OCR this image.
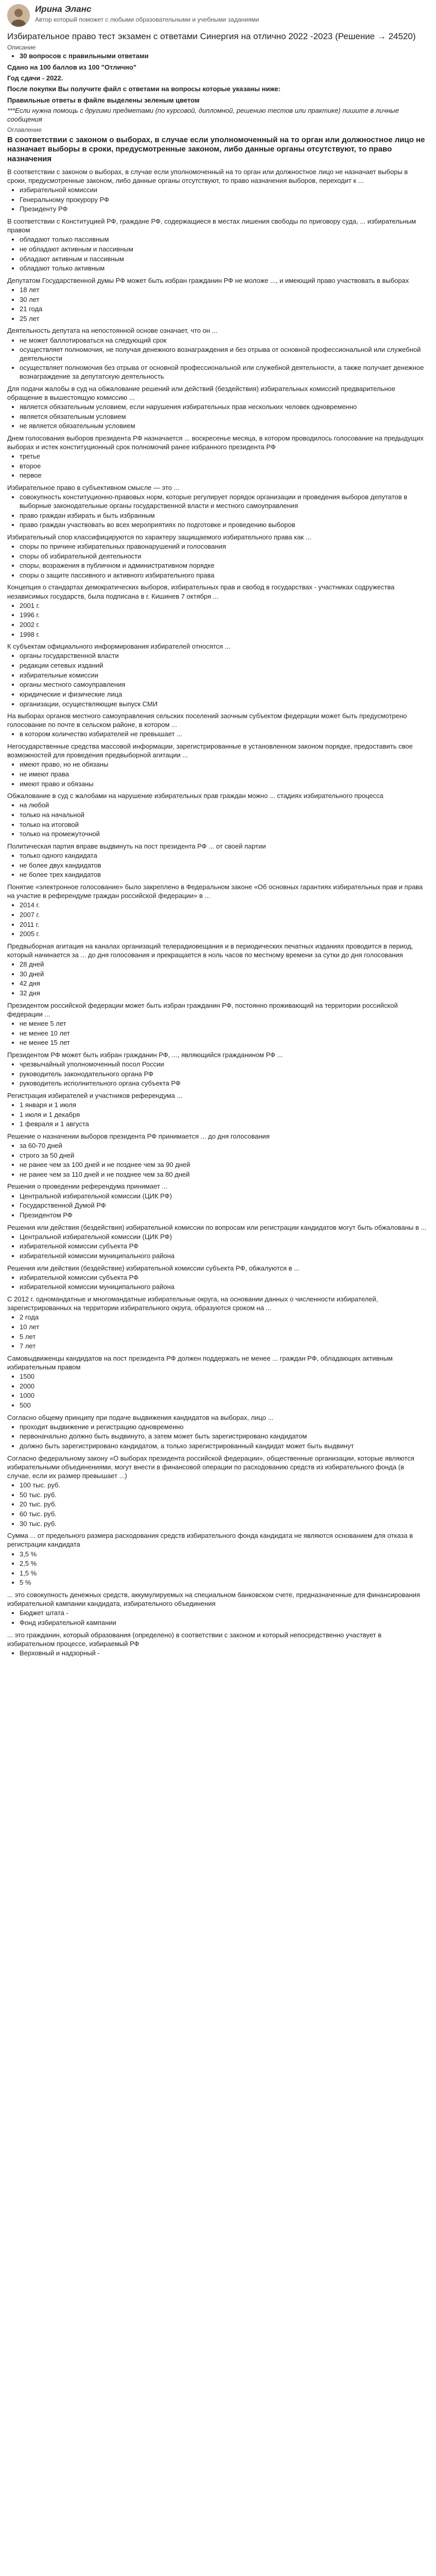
Ирина Эланс
Автор который поможет с любыми образовательными и учебными заданиями
Избирательное право тест экзамен с ответами Синергия на отлично 2022 -2023 (Решение → 24520)
Описание
• 30 вопросов с правильными ответами
Сдано на 100 баллов из 100 "Отлично"
Год сдачи - 2022.
После покупки Вы получите файл с ответами на вопросы которые указаны ниже:
Правильные ответы в файле выделены зеленым цветом
***Если нужна помощь с другими предметами (по курсовой, дипломной, решению тестов или практике) пишите в личные сообщения
Оглавление
В соответствии с законом о выборах, в случае если уполномоченный на то орган или должностное лицо не назначает выборы в сроки, предусмотренные законом, либо данные органы отсутствуют, то право назначения
В соответствии с законом о выборах, в случае если уполномоченный на то орган или должностное лицо не назначает выборы в сроки, предусмотренные законом, либо данные органы отсутствуют, то право назначения выборов, переходит к ...
• избирательной комиссии
• Генеральному прокурору РФ
• Президенту РФ
В соответствии с Конституцией РФ, граждане РФ, содержащиеся в местах лишения свободы по приговору суда, ... избирательным правом
• обладают только пассивным
• не обладают активным и пассивным
• обладают активным и пассивным
• обладают только активным
Депутатом Государственной думы РФ может быть избран гражданин РФ не моложе ..., и имеющий право участвовать в выборах
• 18 лет
• 30 лет
• 21 года
• 25 лет
Деятельность депутата на непостоянной основе означает, что он ...
• не может баллотироваться на следующий срок
• осуществляет полномочия, не получая денежного вознаграждения и без отрыва от основной профессиональной или служебной деятельности
• осуществляет полномочия без отрыва от основной профессиональной или служебной деятельности, а также получает денежное вознаграждение за депутатскую деятельность
Для подачи жалобы в суд на обжалование решений или действий (бездействия) избирательных комиссий предварительное обращение в вышестоящую комиссию ...
• является обязательным условием, если нарушения избирательных прав нескольких человек одновременно
• является обязательным условием
• не является обязательным условием
Днем голосования выборов президента РФ назначается ... воскресенье месяца, в котором проводилось голосование на предыдущих выборах и истек конституционный срок полномочий ранее избранного президента РФ
• третье
• второе
• первое
Избирательное право в субъективном смысле — это ...
• совокупность конституционно-правовых норм, которые регулирует порядок организации и проведения выборов депутатов в выборные законодательные органы государственной власти и местного самоуправления
• право граждан избирать и быть избранным
• право граждан участвовать во всех мероприятиях по подготовке и проведению выборов
Избирательный спор классифицируются по характеру защищаемого избирательного права как ...
• споры по причине избирательных правонарушений и голосования
• споры об избирательной деятельности
• споры, возражения в публичном и административном порядке
• споры о защите пассивного и активного избирательного права
Концепция о стандартах демократических выборов, избирательных прав и свобод в государствах - участниках содружества независимых государств, была подписана в г. Кишинев 7 октября ...
• 2001 г.
• 1996 г.
• 2002 г.
• 1998 г.
К субъектам официального информирования избирателей относятся ...
• органы государственной власти
• редакции сетевых изданий
• избирательные комиссии
• органы местного самоуправления
• юридические и физические лица
• организации, осуществляющие выпуск СМИ
На выборах органов местного самоуправления сельских поселений заочным субъектом федерации может быть предусмотрено голосование по почте в сельском районе, в котором ...
• в котором количество избирателей не превышает ...
Негосударственные средства массовой информации, зарегистрированные в установленном законом порядке, предоставить свое возможностей для проведения предвыборной агитации ...
• имеют право, но не обязаны
• не имеют права
• имеют право и обязаны
Обжалование в суд с жалобами на нарушение избирательных прав граждан можно ... стадиях избирательного процесса
• на любой
• только на начальной
• только на итоговой
• только на промежуточной
Политическая партия вправе выдвинуть на пост президента РФ ... от своей партии
• только одного кандидата
• не более двух кандидатов
• не более трех кандидатов
Понятие «электронное голосование» было закреплено в Федеральном законе «Об основных гарантиях избирательных прав и права на участие в референдуме граждан российской федерации» в ...
• 2014 г.
• 2007 г.
• 2011 г.
• 2005 г.
Предвыборная агитация на каналах организаций телерадиовещания и в периодических печатных изданиях проводится в период, который начинается за ... до дня голосования и прекращается в ноль часов по местному времени за сутки до дня голосования
• 28 дней
• 30 дней
• 42 дня
• 32 дня
Президентом российской федерации может быть избран гражданин РФ, постоянно проживающий на территории российской федерации ...
• не менее 5 лет
• не менее 10 лет
• не менее 15 лет
Президентом РФ может быть избран гражданин РФ, ..., являющийся гражданином РФ ...
• чрезвычайный уполномоченный посол России
• руководитель законодательного органа РФ
• руководитель исполнительного органа субъекта РФ
Регистрация избирателей и участников референдума ...
• 1 января и 1 июля
• 1 июля и 1 декабря
• 1 февраля и 1 августа
Решение о назначении выборов президента РФ принимается ... до дня голосования
• за 60-70 дней
• строго за 50 дней
• не ранее чем за 100 дней и не позднее чем за 90 дней
• не ранее чем за 110 дней и не позднее чем за 80 дней
Решения о проведении референдума принимает ...
• Центральной избирательной комиссии (ЦИК РФ)
• Государственной Думой РФ
• Президентом РФ
Решения или действия (бездействия) избирательной комиссии по вопросам или регистрации кандидатов могут быть обжалованы в ...
• Центральной избирательной комиссии (ЦИК РФ)
• избирательной комиссии субъекта РФ
• избирательной комиссии муниципального района
Решения или действия (бездействие) избирательной комиссии субъекта РФ, обжалуются в ...
• избирательной комиссии субъекта РФ
• избирательной комиссии муниципального района
С 2012 г. одномандатные и многомандатные избирательные округа, на основании данных о численности избирателей, зарегистрированных на территории избирательного округа, образуются сроком на ...
• 2 года
• 10 лет
• 5 лет
• 7 лет
Самовыдвиженцы кандидатов на пост президента РФ должен поддержать не менее ... граждан РФ, обладающих активным избирательным правом
• 1500
• 2000
• 1000
• 500
Согласно общему принципу при подаче выдвижения кандидатов на выборах, лицо ...
• проходит выдвижение и регистрацию одновременно
• первоначально должно быть выдвинуто, а затем может быть зарегистрировано кандидатом
• должно быть зарегистрировано кандидатом, а только зарегистрированный кандидат может быть выдвинут
Согласно федеральному закону «О выборах президента российской федерации», общественные организации, которые являются избирательными объединениями, могут внести в финансовой операции по расходованию средств из избирательного фонда (в случае, если их размер превышает ...)
• 100 тыс. руб.
• 50 тыс. руб.
• 20 тыс. руб.
• 60 тыс. руб.
• 30 тыс. руб.
Сумма ... от предельного размера расходования средств избирательного фонда кандидата не являются основанием для отказа в регистрации кандидата
• 3,5 %
• 2,5 %
• 1,5 %
• 5 %
... это совокупность денежных средств, аккумулируемых на специальном банковском счете, предназначенные для финансирования избирательной кампании кандидата, избирательного объединения
• Бюджет штата -
• Фонд избирательной кампании
... это гражданин, который образования (определено) в соответствии с законом и который непосредственно участвует в избирательном процессе, избираемый РФ
• Верховный и надзорный -
